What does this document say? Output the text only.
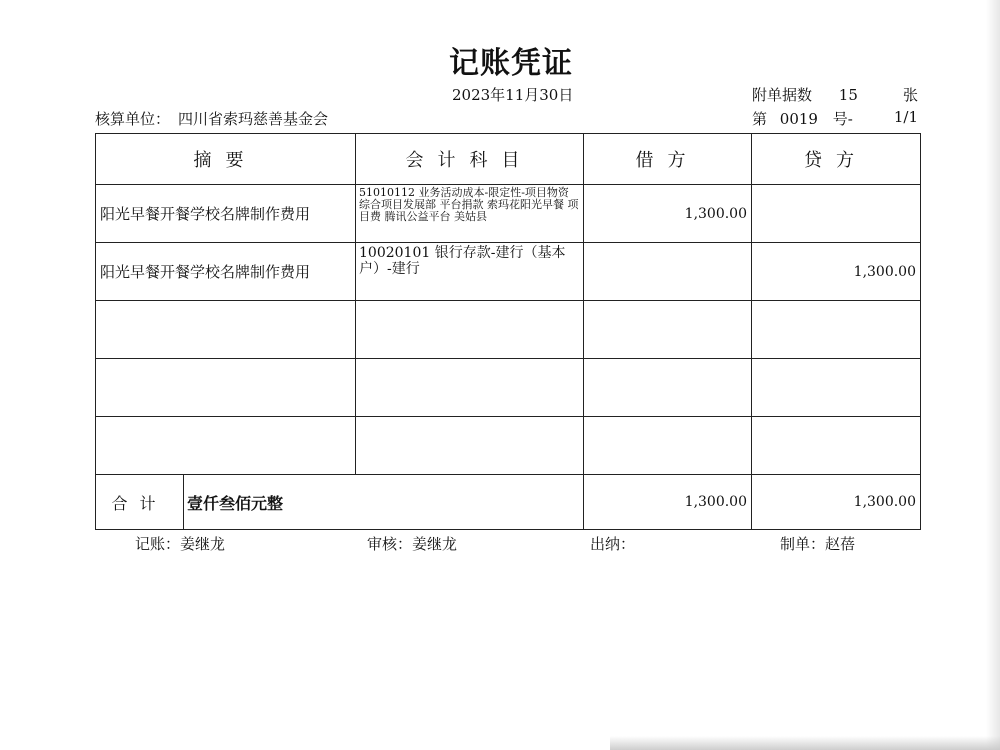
记账凭证
2023年11月30日	附单据数 15	张
核算单位： 四川省索玛慈善基金会	第 0019 号-	1/1
摘要		会计科目	借方	贷方
阳光早餐开餐学校名牌制作费用		51010112 业务活动成本-限定性-项目物资 综合项目发展部 平台捐款 索玛花阳光早餐 项目费 腾讯公益平台 美姑县	1,300.00	
阳光早餐开餐学校名牌制作费用		10020101 银行存款-建行（基本户）-建行		1,300.00

合计	壹仟叁佰元整		1,300.00	1,300.00
记账：姜继龙	审核：姜继龙	出纳：	制单：赵蓓
